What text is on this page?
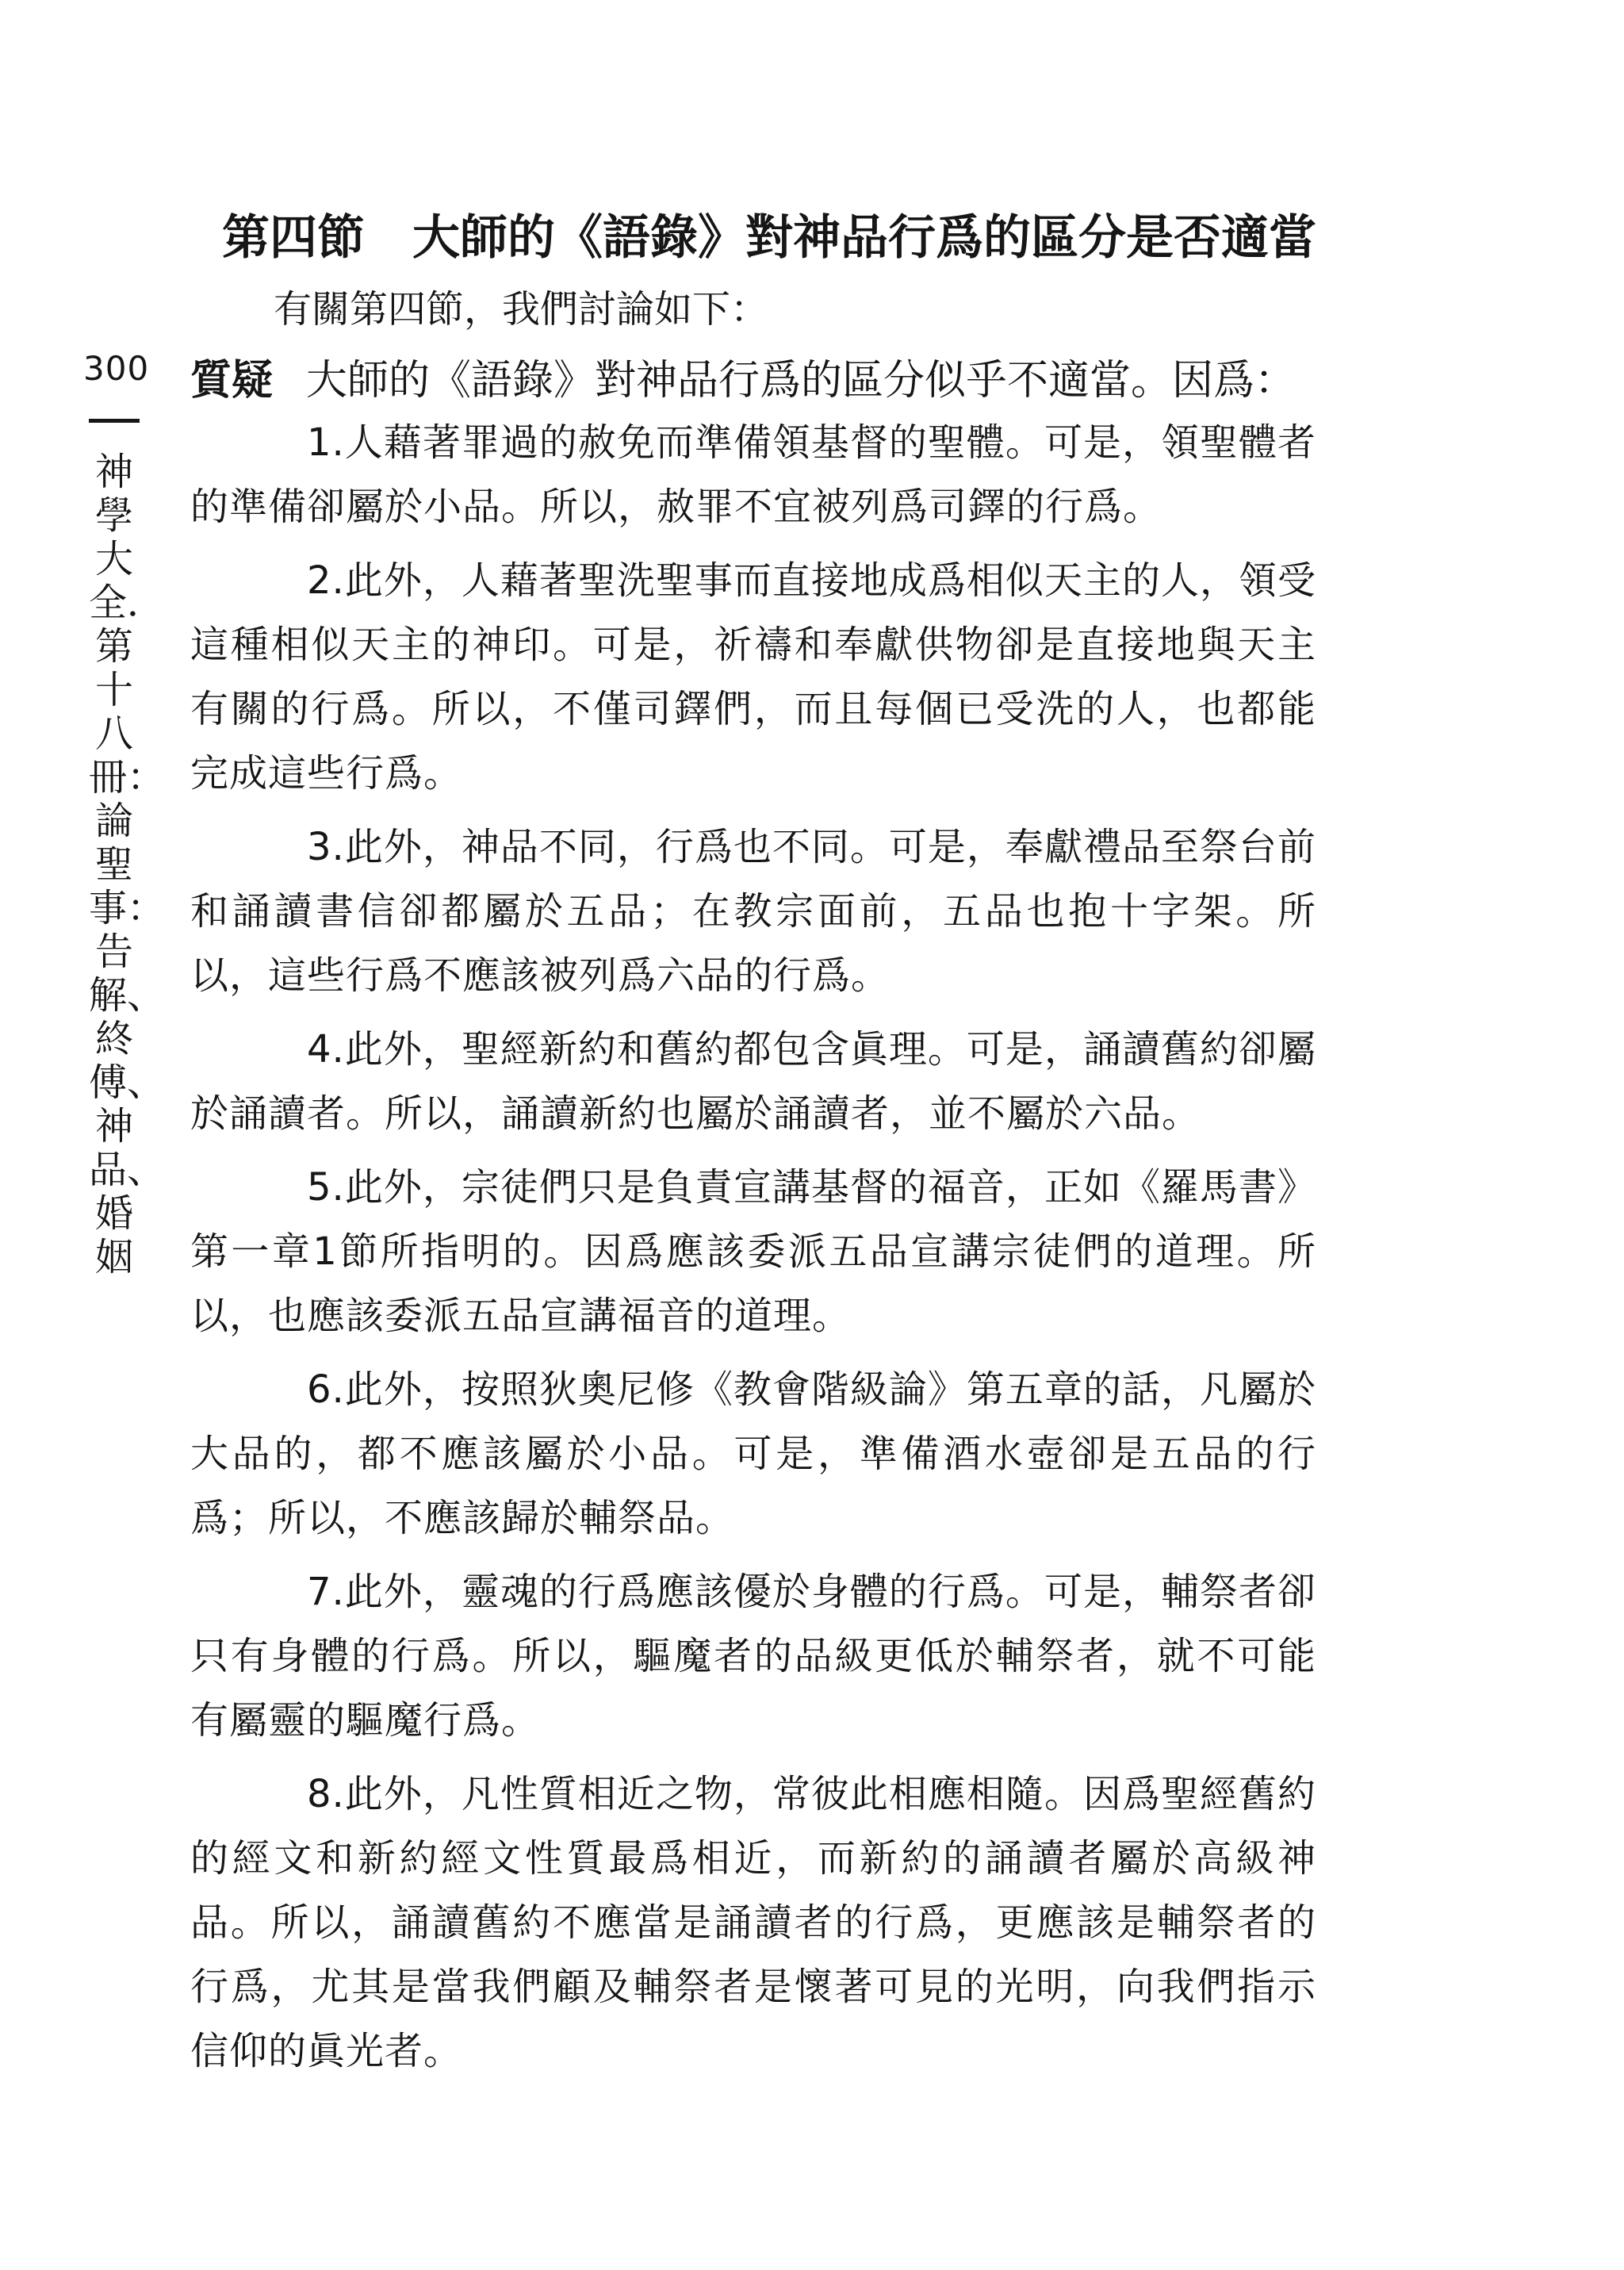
300
神學大全．第十八冊：論聖事：告解、終傅、神品、婚姻
第四節　大師的《語錄》對神品行爲的區分是否適當
有關第四節，我們討論如下：
質疑 大師的《語錄》對神品行爲的區分似乎不適當。因爲：

1.人藉著罪過的赦免而準備領基督的聖體。可是，領聖體者的準備卻屬於小品。所以，赦罪不宜被列爲司鐸的行爲。

2.此外，人藉著聖洗聖事而直接地成爲相似天主的人，領受這種相似天主的神印。可是，祈禱和奉獻供物卻是直接地與天主有關的行爲。所以，不僅司鐸們，而且每個已受洗的人，也都能完成這些行爲。

3.此外，神品不同，行爲也不同。可是，奉獻禮品至祭台前和誦讀書信卻都屬於五品；在教宗面前，五品也抱十字架。所以，這些行爲不應該被列爲六品的行爲。

4.此外，聖經新約和舊約都包含眞理。可是，誦讀舊約卻屬於誦讀者。所以，誦讀新約也屬於誦讀者，並不屬於六品。

5.此外，宗徒們只是負責宣講基督的福音，正如《羅馬書》第一章1節所指明的。因爲應該委派五品宣講宗徒們的道理。所以，也應該委派五品宣講福音的道理。

6.此外，按照狄奧尼修《教會階級論》第五章的話，凡屬於大品的，都不應該屬於小品。可是，準備酒水壺卻是五品的行爲；所以，不應該歸於輔祭品。

7.此外，靈魂的行爲應該優於身體的行爲。可是，輔祭者卻只有身體的行爲。所以，驅魔者的品級更低於輔祭者，就不可能有屬靈的驅魔行爲。

8.此外，凡性質相近之物，常彼此相應相隨。因爲聖經舊約的經文和新約經文性質最爲相近，而新約的誦讀者屬於高級神品。所以，誦讀舊約不應當是誦讀者的行爲，更應該是輔祭者的行爲，尤其是當我們顧及輔祭者是懷著可見的光明，向我們指示信仰的眞光者。
